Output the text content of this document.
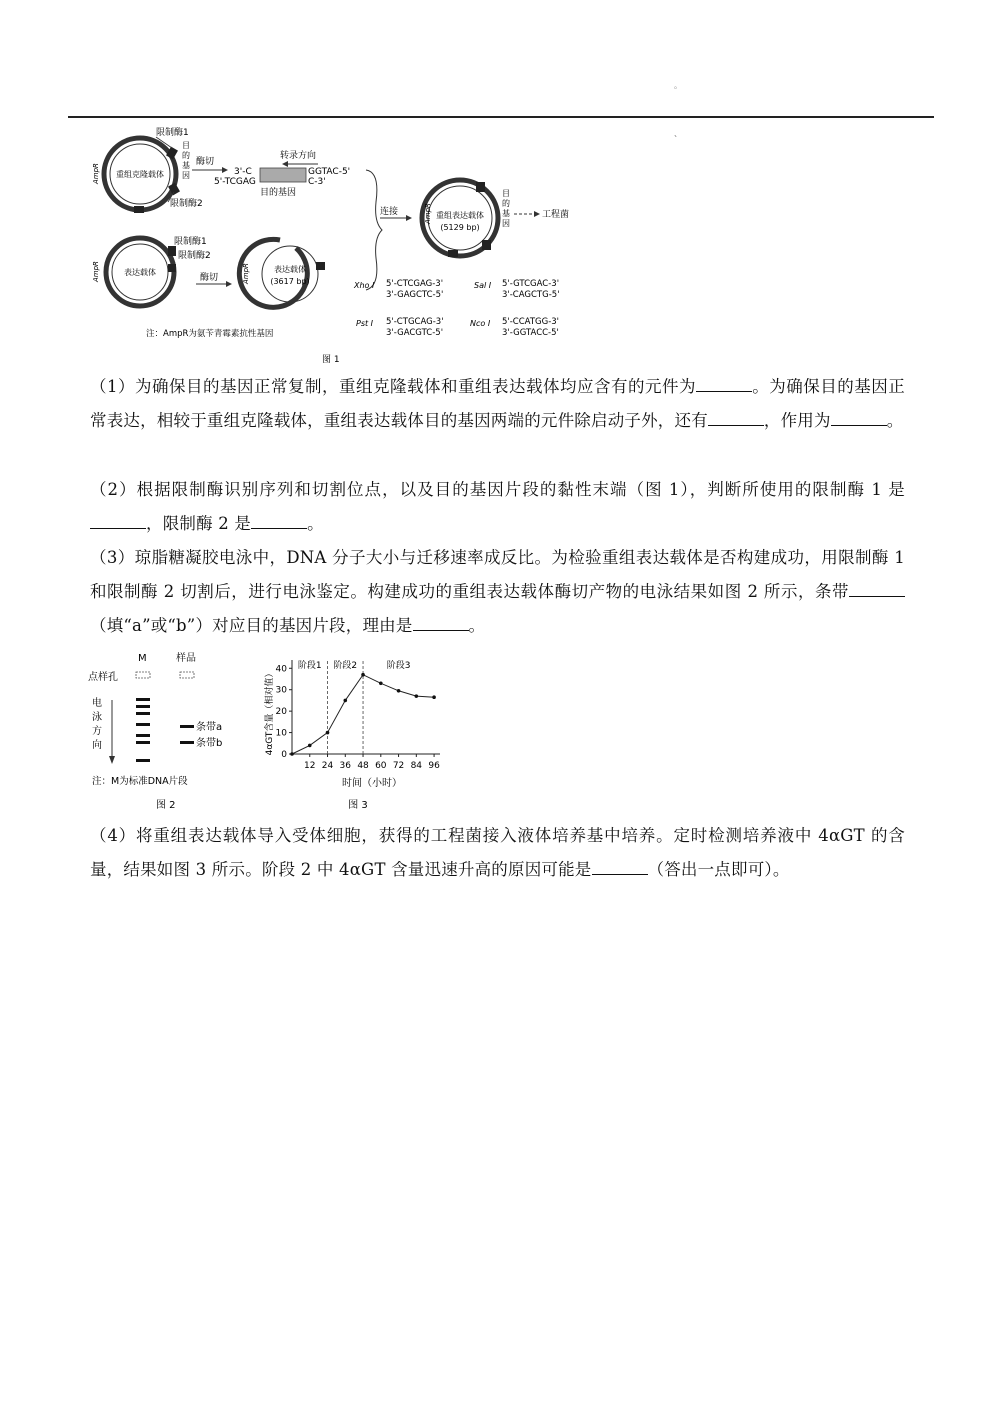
。
、
重组克隆载体
AmpR
限制酶1
目
的
基
因
限制酶2
酶切
转录方向
3'-C
5'-TCGAG
GGTAC-5'
C-3'
目的基因
连接	重组表达载体
(5129 bp)
AmpR
目
的
基
因
工程菌
表达载体
AmpR
限制酶1
限制酶2
酶切
表达载体
(3617 bp)
AmpR
Xho I 5'-CTCGAG-3'
3'-GAGCTC-5'
Sal I 5'-GTCGAC-3'
3'-CAGCTG-5'
Pst I 5'-CTGCAG-3'
3'-GACGTC-5'
Nco I 5'-CCATGG-3'
3'-GGTACC-5'
注：AmpR为氨苄青霉素抗性基因
图 1

（1）为确保目的基因正常复制，重组克隆载体和重组表达载体均应含有的元件为	。为确保目的基因正常表达，相较于重组克隆载体，重组表达载体目的基因两端的元件除启动子外，还有	，作用为	。

（2）根据限制酶识别序列和切割位点，以及目的基因片段的黏性末端（图 1），判断所使用的限制酶 1 是，限制酶 2 是	。

（3）琼脂糖凝胶电泳中，DNA 分子大小与迁移速率成反比。为检验重组表达载体是否构建成功，用限制酶 1 和限制酶 2 切割后，进行电泳鉴定。构建成功的重组表达载体酶切产物的电泳结果如图 2 所示，条带（填“a”或“b”）对应目的基因片段，理由是	。

M	样品
点样孔
电
泳
方
向
条带a
条带b
注：M为标准DNA片段
图 2
4αGT含量（相对值）
时间（小时）
图 3
0
10
20
30
40
12 24 36 48 60 72 84 96
阶段1 阶段2	阶段3

（4）将重组表达载体导入受体细胞，获得的工程菌接入液体培养基中培养。定时检测培养液中 4αGT 的含量，结果如图 3 所示。阶段 2 中 4αGT 含量迅速升高的原因可能是	（答出一点即可）。
